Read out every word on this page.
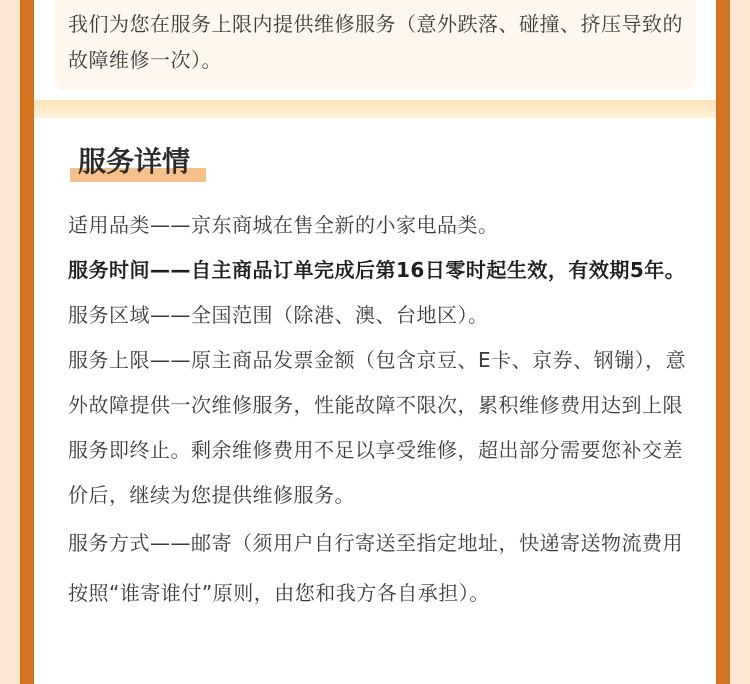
我们为您在服务上限内提供维修服务（意外跌落、碰撞、挤压导致的故障维修一次）。
服务详情

适用品类——京东商城在售全新的小家电品类。

服务时间——自主商品订单完成后第16日零时起生效，有效期5年。

服务区域——全国范围（除港、澳、台地区）。

服务上限——原主商品发票金额（包含京豆、E卡、京券、钢镚），意外故障提供一次维修服务，性能故障不限次，累积维修费用达到上限服务即终止。剩余维修费用不足以享受维修，超出部分需要您补交差价后，继续为您提供维修服务。

服务方式——邮寄（须用户自行寄送至指定地址，快递寄送物流费用按照“谁寄谁付”原则，由您和我方各自承担）。
